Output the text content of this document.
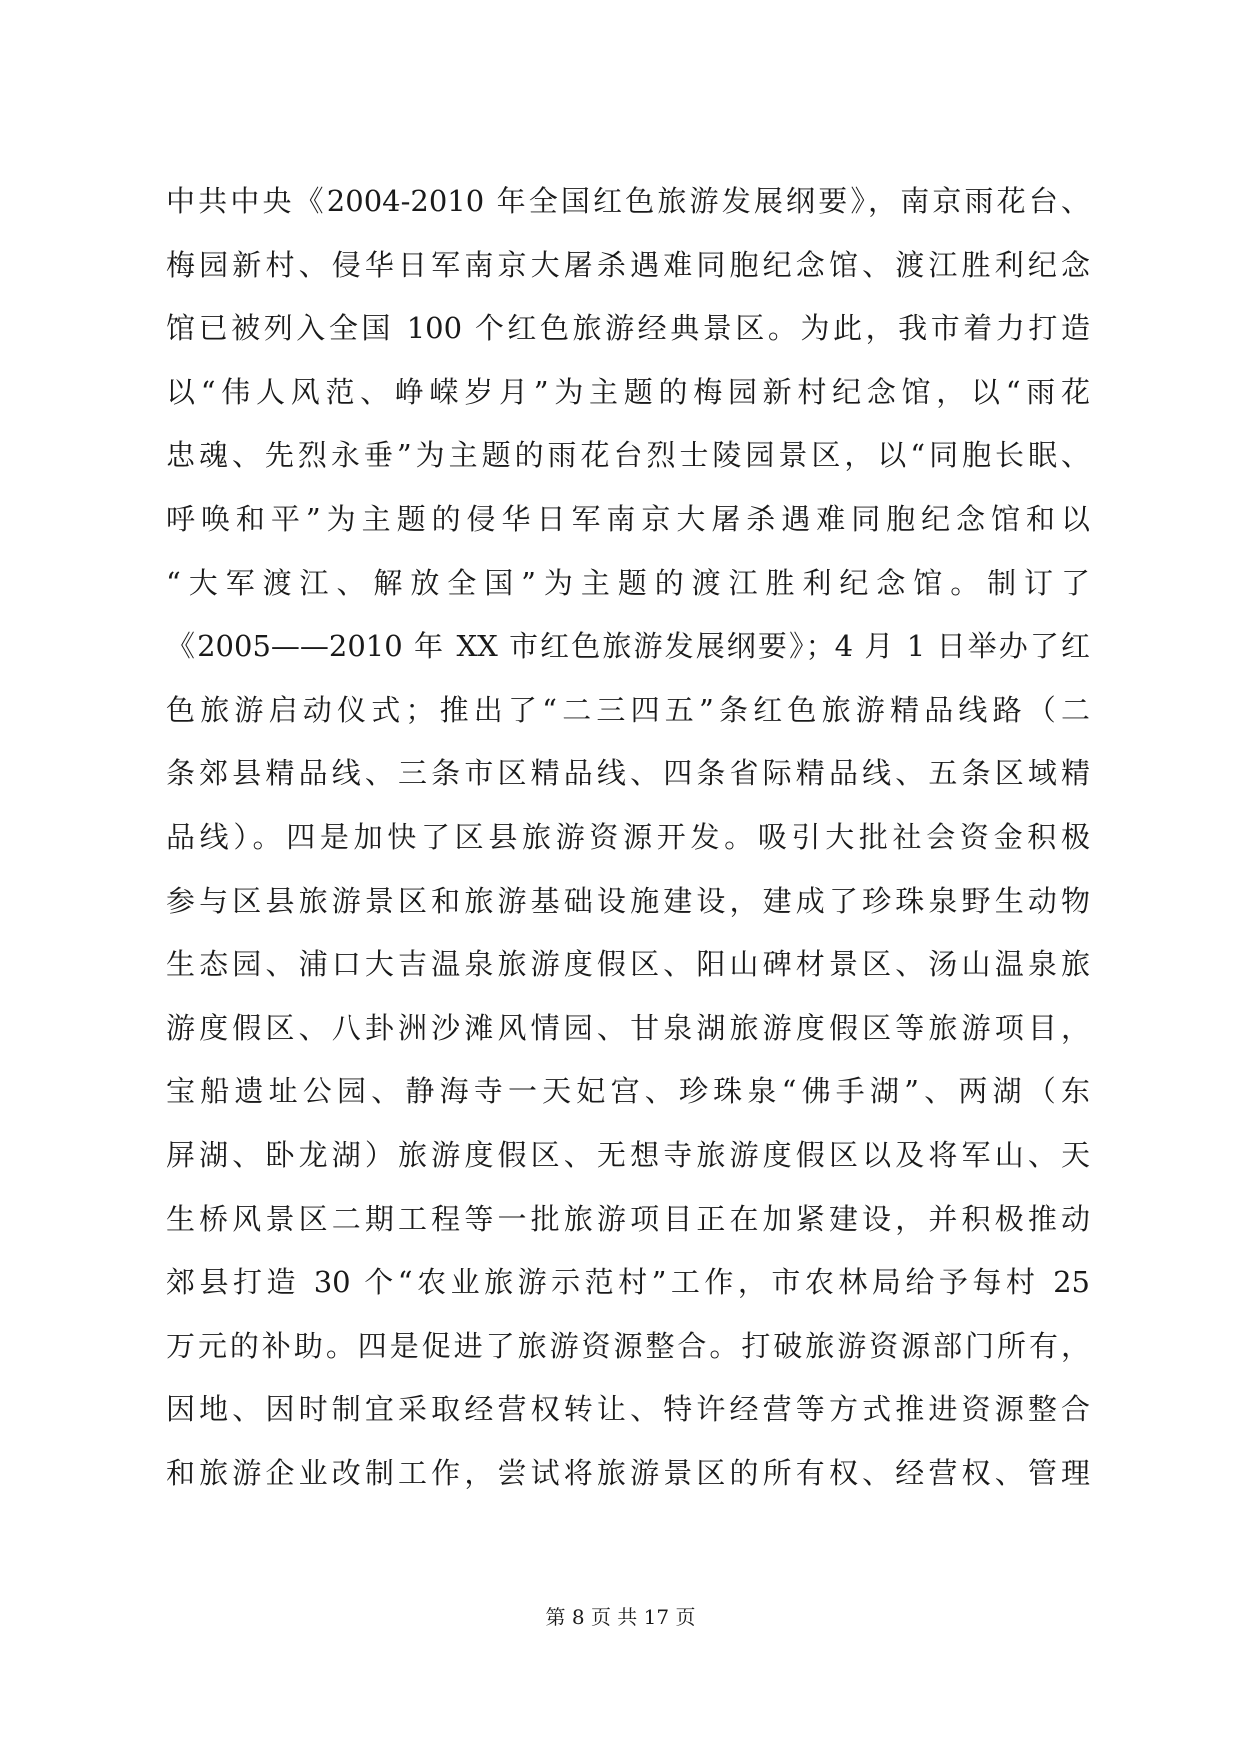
中共中央《2004-2010 年全国红色旅游发展纲要》，南京雨花台、
梅园新村、侵华日军南京大屠杀遇难同胞纪念馆、渡江胜利纪念
馆已被列入全国 100 个红色旅游经典景区。为此，我市着力打造
以“伟人风范、峥嵘岁月”为主题的梅园新村纪念馆，以“雨花
忠魂、先烈永垂”为主题的雨花台烈士陵园景区，以“同胞长眠、
呼唤和平”为主题的侵华日军南京大屠杀遇难同胞纪念馆和以
“大军渡江、解放全国”为主题的渡江胜利纪念馆。制订了
《2005——2010 年 XX 市红色旅游发展纲要》；4 月 1 日举办了红
色旅游启动仪式；推出了“二三四五”条红色旅游精品线路（二
条郊县精品线、三条市区精品线、四条省际精品线、五条区域精
品线）。四是加快了区县旅游资源开发。吸引大批社会资金积极
参与区县旅游景区和旅游基础设施建设，建成了珍珠泉野生动物
生态园、浦口大吉温泉旅游度假区、阳山碑材景区、汤山温泉旅
游度假区、八卦洲沙滩风情园、甘泉湖旅游度假区等旅游项目，
宝船遗址公园、静海寺一天妃宫、珍珠泉“佛手湖”、两湖（东
屏湖、卧龙湖）旅游度假区、无想寺旅游度假区以及将军山、天
生桥风景区二期工程等一批旅游项目正在加紧建设，并积极推动
郊县打造 30 个“农业旅游示范村”工作，市农林局给予每村 25
万元的补助。四是促进了旅游资源整合。打破旅游资源部门所有，
因地、因时制宜采取经营权转让、特许经营等方式推进资源整合
和旅游企业改制工作，尝试将旅游景区的所有权、经营权、管理
第 8 页 共 17 页
